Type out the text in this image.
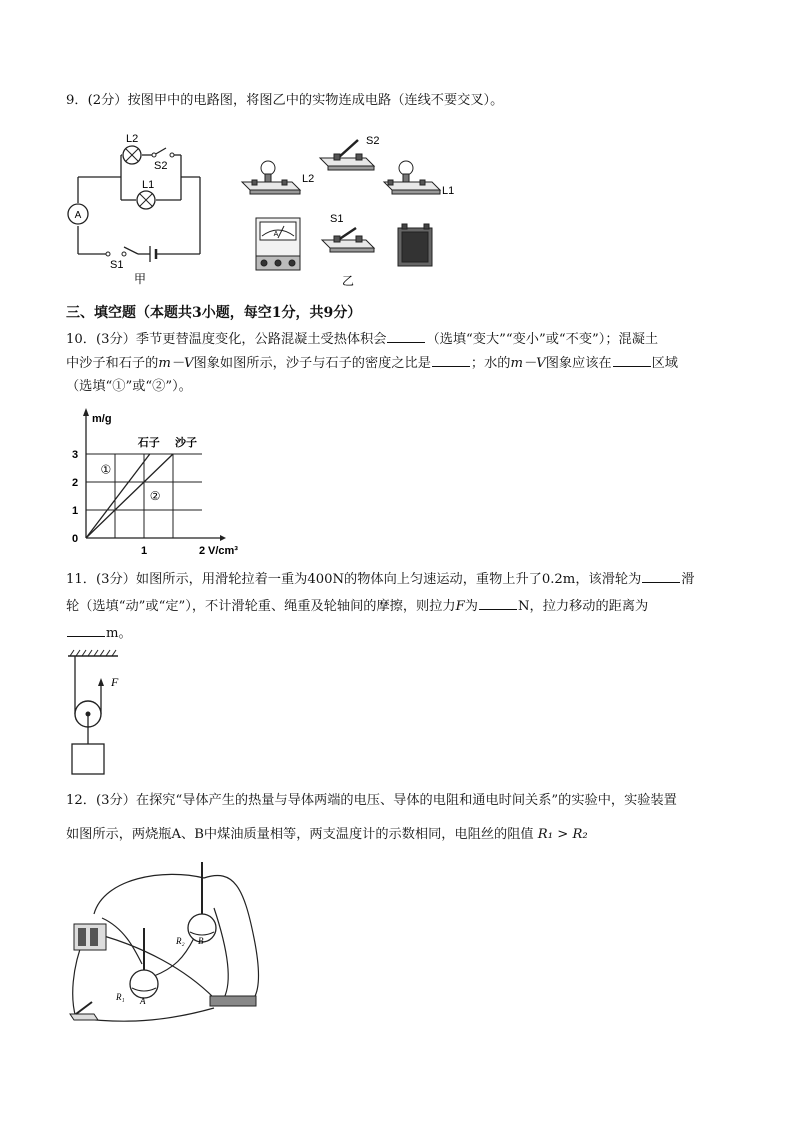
9．(2分）按图甲中的电路图，将图乙中的实物连成电路（连线不要交叉）。
A
L2
S2
L1
S1
甲
A
S2
L2
L1
S1
乙
三、填空题（本题共3小题，每空1分，共9分）
10．(3分）季节更替温度变化，公路混凝土受热体积会	（选填“变大”“变小”或“不变”）；混凝土
中沙子和石子的m－V图象如图所示，沙子与石子的密度之比是	；水的m－V图象应该在	区域
（选填“①”或“②”）。
m/g
V/cm³
0
1
2
3
1	2
石子 沙子
①
②
11．(3分）如图所示，用滑轮拉着一重为400N的物体向上匀速运动，重物上升了0.2m，该滑轮为	滑
轮（选填“动”或“定”），不计滑轮重、绳重及轮轴间的摩擦，则拉力F为	N，拉力移动的距离为
m。
F
12．(3分）在探究“导体产生的热量与导体两端的电压、导体的电阻和通电时间关系”的实验中，实验装置
如图所示，两烧瓶A、B中煤油质量相等，两支温度计的示数相同，电阻丝的阻值 R₁ > R₂
R₂ B
R₁ A
